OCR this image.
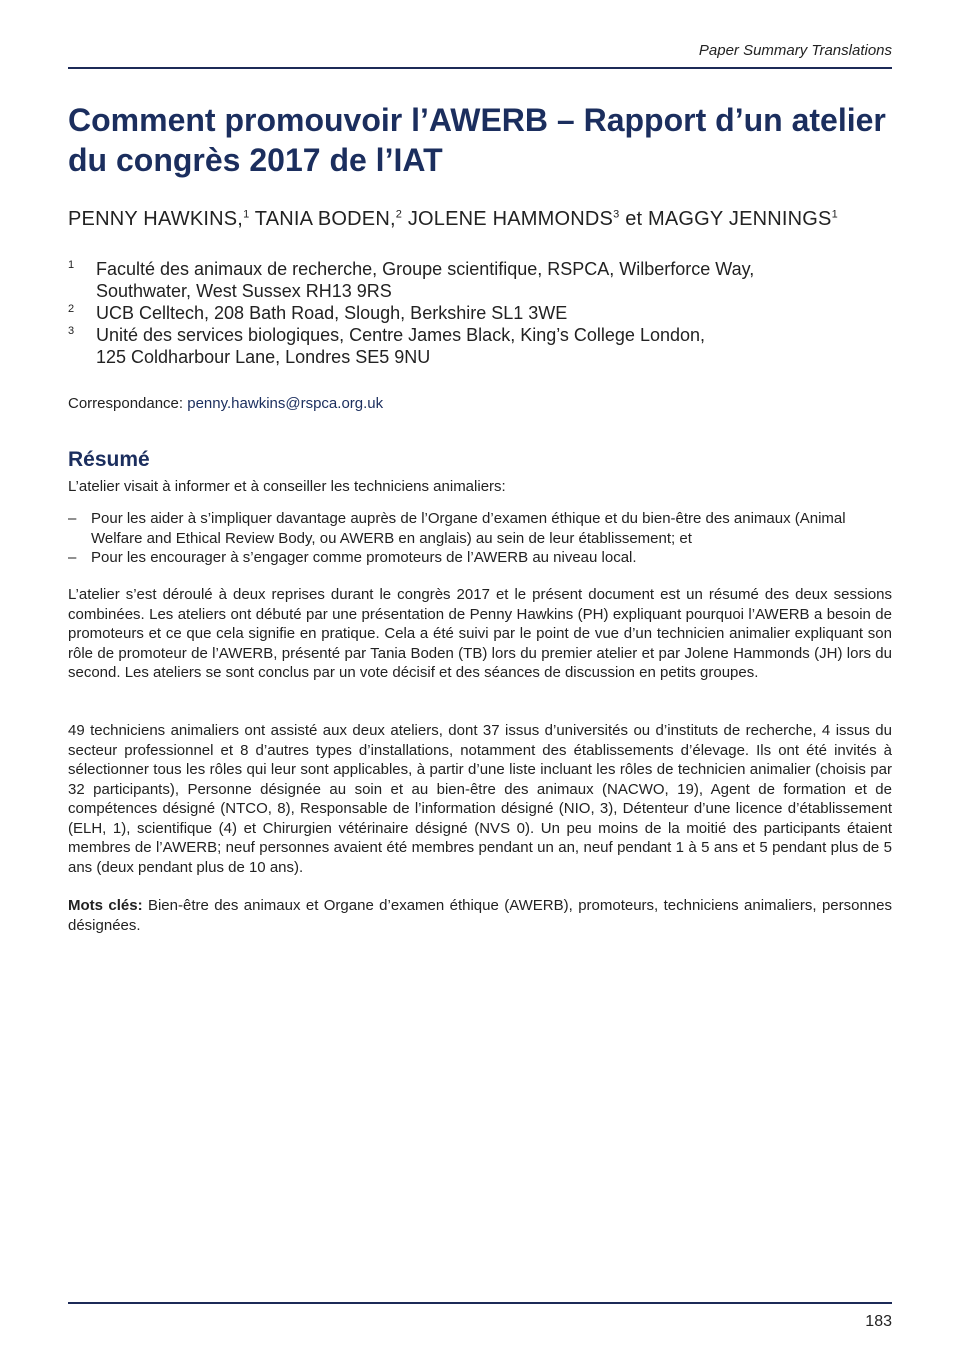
Paper Summary Translations
Comment promouvoir l’AWERB – Rapport d’un atelier du congrès 2017 de l’IAT
PENNY HAWKINS,$^1$ TANIA BODEN,$^2$ JOLENE HAMMONDS$^3$ et MAGGY JENNINGS$^1$
1	Faculté des animaux de recherche, Groupe scientifique, RSPCA, Wilberforce Way,
Southwater, West Sussex RH13 9RS
2	UCB Celltech, 208 Bath Road, Slough, Berkshire SL1 3WE
3	Unité des services biologiques, Centre James Black, King’s College London,
125 Coldharbour Lane, Londres SE5 9NU
Correspondance: penny.hawkins@rspca.org.uk
Résumé

L’atelier visait à informer et à conseiller les techniciens animaliers:

– Pour les aider à s’impliquer davantage auprès de l’Organe d’examen éthique et du bien-être des animaux (Animal Welfare and Ethical Review Body, ou AWERB en anglais) au sein de leur établissement; et
– Pour les encourager à s’engager comme promoteurs de l’AWERB au niveau local.

L’atelier s’est déroulé à deux reprises durant le congrès 2017 et le présent document est un résumé des deux sessions combinées. Les ateliers ont débuté par une présentation de Penny Hawkins (PH) expliquant pourquoi l’AWERB a besoin de promoteurs et ce que cela signifie en pratique. Cela a été suivi par le point de vue d’un technicien animalier expliquant son rôle de promoteur de l’AWERB, présenté par Tania Boden (TB) lors du premier atelier et par Jolene Hammonds (JH) lors du second. Les ateliers se sont conclus par un vote décisif et des séances de discussion en petits groupes.

49 techniciens animaliers ont assisté aux deux ateliers, dont 37 issus d’universités ou d’instituts de recherche, 4 issus du secteur professionnel et 8 d’autres types d’installations, notamment des établissements d’élevage. Ils ont été invités à sélectionner tous les rôles qui leur sont applicables, à partir d’une liste incluant les rôles de technicien animalier (choisis par 32 participants), Personne désignée au soin et au bien-être des animaux (NACWO, 19), Agent de formation et de compétences désigné (NTCO, 8), Responsable de l’information désigné (NIO, 3), Détenteur d’une licence d’établissement (ELH, 1), scientifique (4) et Chirurgien vétérinaire désigné (NVS 0). Un peu moins de la moitié des participants étaient membres de l’AWERB; neuf personnes avaient été membres pendant un an, neuf pendant 1 à 5 ans et 5 pendant plus de 5 ans (deux pendant plus de 10 ans).

Mots clés: Bien-être des animaux et Organe d’examen éthique (AWERB), promoteurs, techniciens animaliers, personnes désignées.

183
